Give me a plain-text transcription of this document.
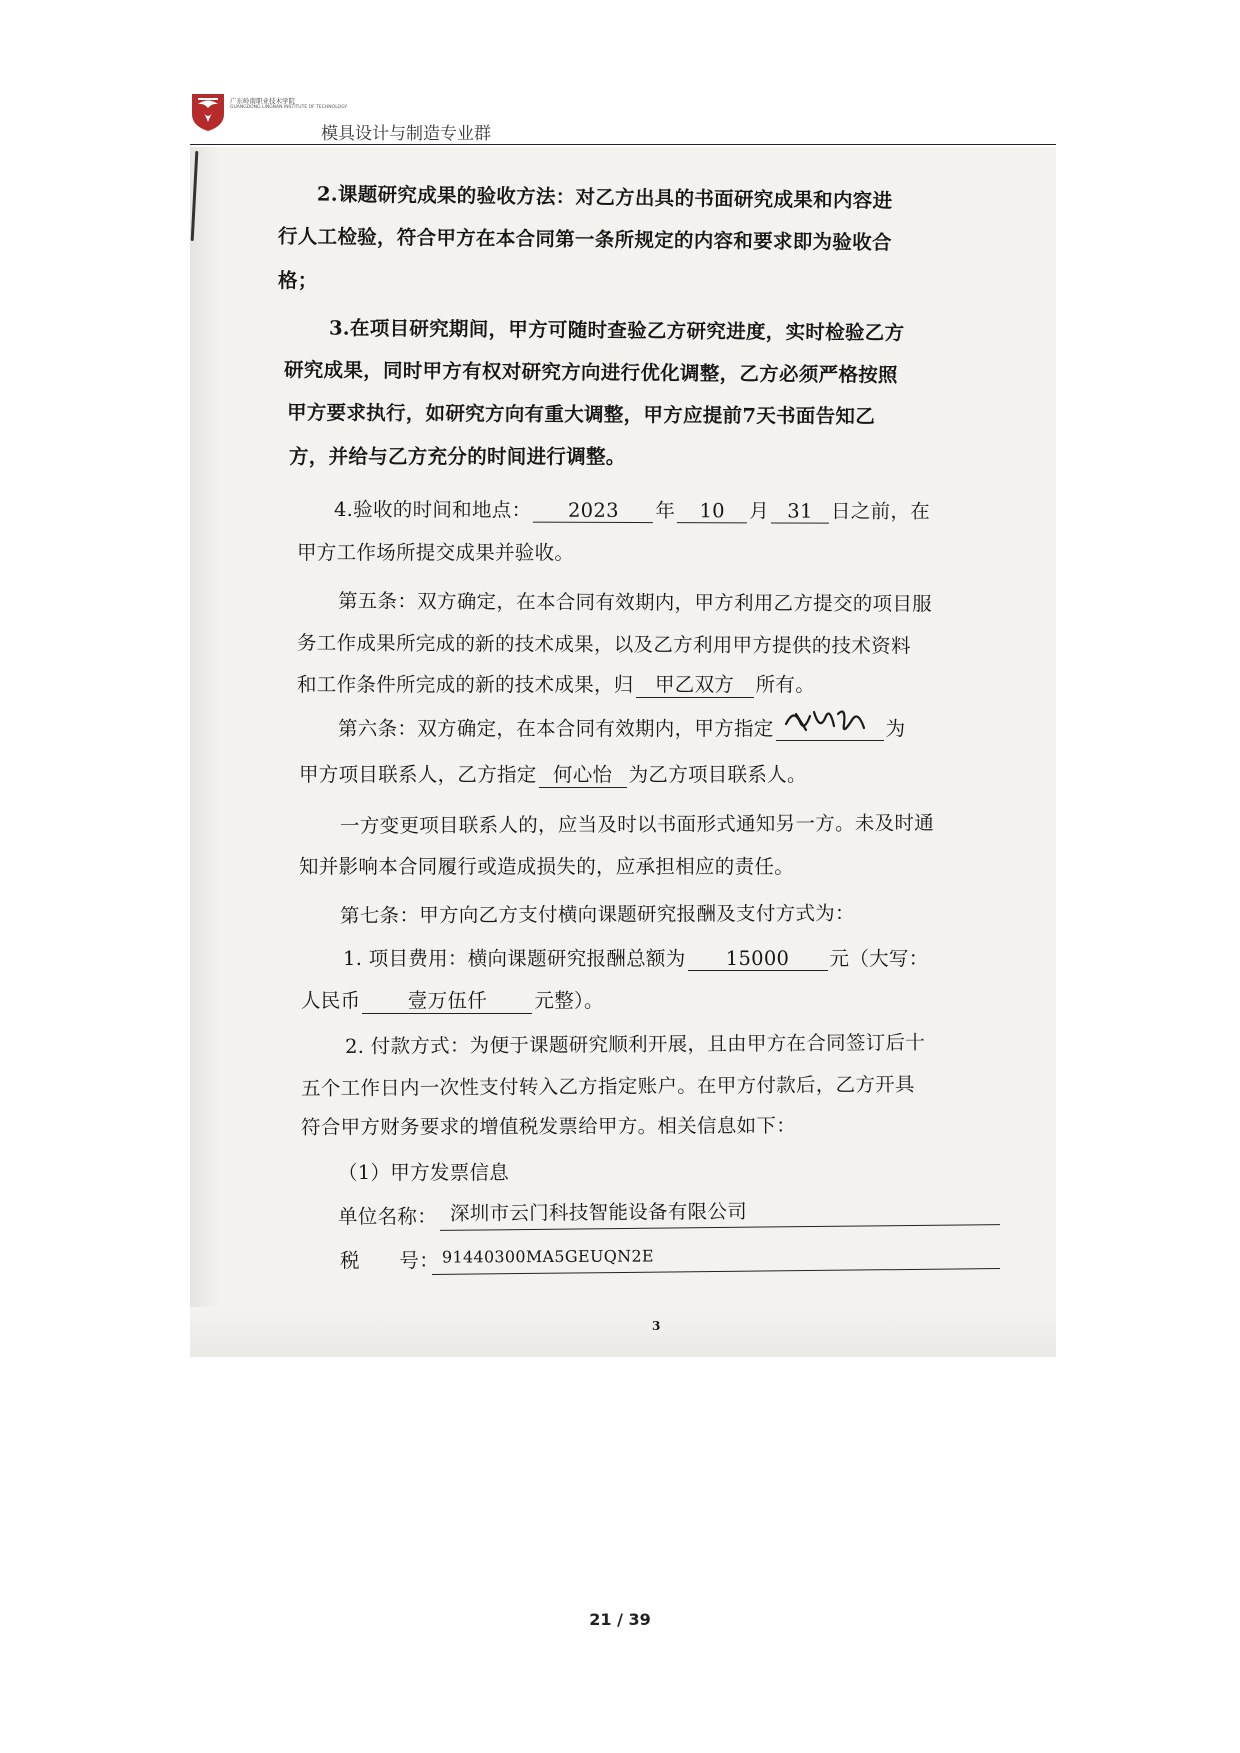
广东岭南职业技术学院
GUANGDONG LINGNAN INSTITUTE OF TECHNOLOGY
模具设计与制造专业群
2.课题研究成果的验收方法：对乙方出具的书面研究成果和内容进
行人工检验，符合甲方在本合同第一条所规定的内容和要求即为验收合
格；
3.在项目研究期间，甲方可随时查验乙方研究进度，实时检验乙方
研究成果，同时甲方有权对研究方向进行优化调整，乙方必须严格按照
甲方要求执行，如研究方向有重大调整，甲方应提前7天书面告知乙
方，并给与乙方充分的时间进行调整。
4.验收的时间和地点： 2023 年 10 月 31 日之前，在
甲方工作场所提交成果并验收。
第五条：双方确定，在本合同有效期内，甲方利用乙方提交的项目服
务工作成果所完成的新的技术成果，以及乙方利用甲方提供的技术资料
和工作条件所完成的新的技术成果，归 甲乙双方 所有。
第六条：双方确定，在本合同有效期内，甲方指定	为
甲方项目联系人，乙方指定 何心怡 为乙方项目联系人。
一方变更项目联系人的，应当及时以书面形式通知另一方。未及时通
知并影响本合同履行或造成损失的，应承担相应的责任。
第七条：甲方向乙方支付横向课题研究报酬及支付方式为：
1. 项目费用：横向课题研究报酬总额为 15000 元（大写：
人民币 壹万伍仟 元整）。
2. 付款方式：为便于课题研究顺利开展，且由甲方在合同签订后十
五个工作日内一次性支付转入乙方指定账户。在甲方付款后，乙方开具
符合甲方财务要求的增值税发票给甲方。相关信息如下：
（1）甲方发票信息
单位名称： 深圳市云门科技智能设备有限公司
税　　号： 91440300MA5GEUQN2E
3
21 / 39
